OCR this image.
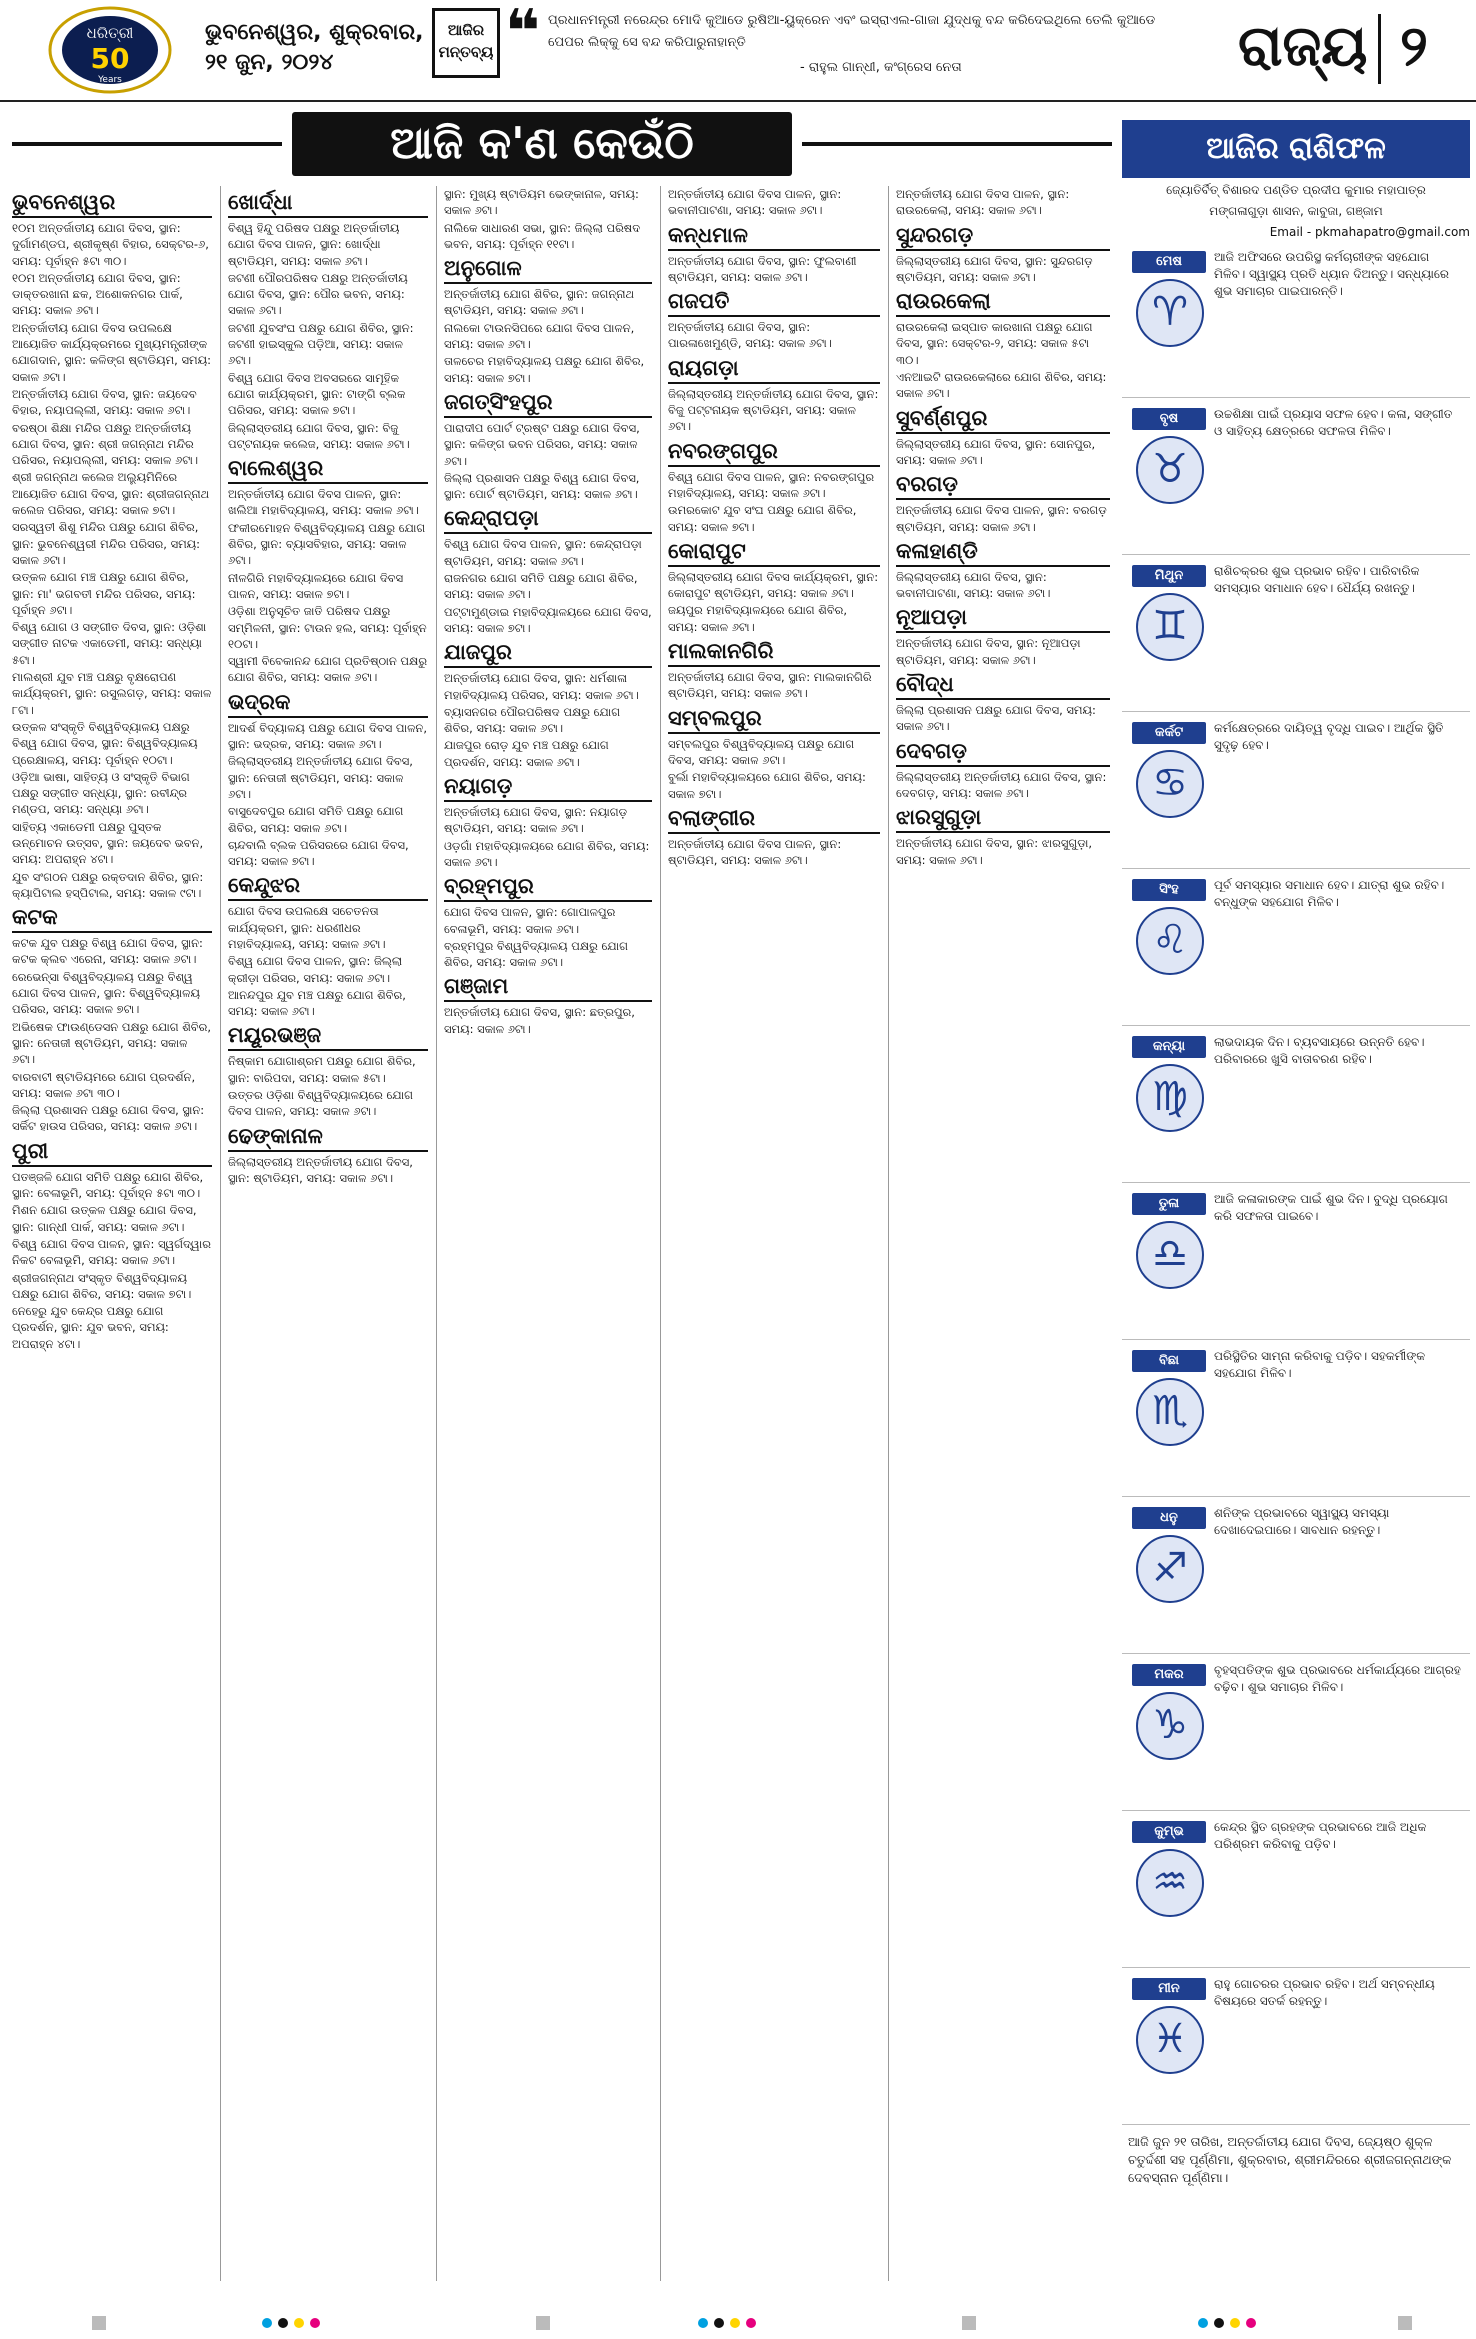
ଧରିତ୍ରୀ
50
Years
ଭୁବନେଶ୍ୱର, ଶୁକ୍ରବାର,
୨୧ ଜୁନ, ୨୦୨୪
ଆଜିର ମନ୍ତବ୍ୟ ❝ ପ୍ରଧାନମନ୍ତ୍ରୀ ନରେନ୍ଦ୍ର ମୋଦି କୁଆଡେ ରୁଷିଆ-ୟୁକ୍ରେନ ଏବଂ ଇସ୍ରାଏଲ-ଗାଜା ଯୁଦ୍ଧକୁ ବନ୍ଦ କରିଦେଇଥିଲେ ତେଲି କୁଆଡେ ପେପର ଲିକ୍‌କୁ ସେ ବନ୍ଦ କରିପାରୁନାହାନ୍ତି
- ରାହୁଲ ଗାନ୍ଧୀ, କଂଗ୍ରେସ ନେତା	ରାଜ୍ୟ ୨
ଆଜି କ'ଣ କେଉଁଠି
ଭୁବନେଶ୍ୱର
୧୦ମ ଅନ୍ତର୍ଜାତୀୟ ଯୋଗ ଦିବସ, ସ୍ଥାନ: ଦୁର୍ଗାମଣ୍ଡପ, ଶ୍ରୀକୃଷ୍ଣ ବିହାର, ସେକ୍ଟର-୬, ସମୟ: ପୂର୍ବାହ୍ନ ୫ଟା ୩୦।
୧୦ମ ଅନ୍ତର୍ଜାତୀୟ ଯୋଗ ଦିବସ, ସ୍ଥାନ: ଡାକ୍ତରଖାନା ଛକ, ଅଶୋକନଗର ପାର୍କ, ସମୟ: ସକାଳ ୬ଟା।
ଅନ୍ତର୍ଜାତୀୟ ଯୋଗ ଦିବସ ଉପଲକ୍ଷେ ଆୟୋଜିତ କାର୍ଯ୍ୟକ୍ରମରେ ମୁଖ୍ୟମନ୍ତ୍ରୀଙ୍କ ଯୋଗଦାନ, ସ୍ଥାନ: କଳିଙ୍ଗ ଷ୍ଟାଡିୟମ, ସମୟ: ସକାଳ ୬ଟା।
ଅନ୍ତର୍ଜାତୀୟ ଯୋଗ ଦିବସ, ସ୍ଥାନ: ଜୟଦେବ ବିହାର, ନୟାପଲ୍ଲୀ, ସମୟ: ସକାଳ ୬ଟା।
ବରଷ୍ଠା ଶିକ୍ଷା ମନ୍ଦିର ପକ୍ଷରୁ ଅନ୍ତର୍ଜାତୀୟ ଯୋଗ ଦିବସ, ସ୍ଥାନ: ଶ୍ରୀ ଜଗନ୍ନାଥ ମନ୍ଦିର ପରିସର, ନୟାପଲ୍ଲୀ, ସମୟ: ସକାଳ ୬ଟା।
ଶ୍ରୀ ଜଗନ୍ନାଥ କଲେଜ ଅଲ୍ୟୁମିନିରେ ଆୟୋଜିତ ଯୋଗ ଦିବସ, ସ୍ଥାନ: ଶ୍ରୀଜଗନ୍ନାଥ କଲେଜ ପରିସର, ସମୟ: ସକାଳ ୭ଟା।
ସରସ୍ୱତୀ ଶିଶୁ ମନ୍ଦିର ପକ୍ଷରୁ ଯୋଗ ଶିବିର, ସ୍ଥାନ: ଭୁବନେଶ୍ୱରୀ ମନ୍ଦିର ପରିସର, ସମୟ: ସକାଳ ୬ଟା।
ଉତ୍କଳ ଯୋଗ ମଞ୍ଚ ପକ୍ଷରୁ ଯୋଗ ଶିବିର, ସ୍ଥାନ: ମା' ଭଗବତୀ ମନ୍ଦିର ପରିସର, ସମୟ: ପୂର୍ବାହ୍ନ ୬ଟା।
ବିଶ୍ୱ ଯୋଗ ଓ ସଙ୍ଗୀତ ଦିବସ, ସ୍ଥାନ: ଓଡ଼ିଶା ସଙ୍ଗୀତ ନାଟକ ଏକାଡେମୀ, ସମୟ: ସନ୍ଧ୍ୟା ୫ଟା।
ମାଲଶ୍ରୀ ଯୁବ ମଞ୍ଚ ପକ୍ଷରୁ ବୃକ୍ଷରୋପଣ କାର୍ଯ୍ୟକ୍ରମ, ସ୍ଥାନ: ରସୁଲଗଡ଼, ସମୟ: ସକାଳ ୮ଟା।
ଉତ୍କଳ ସଂସ୍କୃତି ବିଶ୍ୱବିଦ୍ୟାଳୟ ପକ୍ଷରୁ ବିଶ୍ୱ ଯୋଗ ଦିବସ, ସ୍ଥାନ: ବିଶ୍ୱବିଦ୍ୟାଳୟ ପ୍ରେକ୍ଷାଳୟ, ସମୟ: ପୂର୍ବାହ୍ନ ୧୦ଟା।
ଓଡ଼ିଆ ଭାଷା, ସାହିତ୍ୟ ଓ ସଂସ୍କୃତି ବିଭାଗ ପକ୍ଷରୁ ସଙ୍ଗୀତ ସନ୍ଧ୍ୟା, ସ୍ଥାନ: ରବୀନ୍ଦ୍ର ମଣ୍ଡପ, ସମୟ: ସନ୍ଧ୍ୟା ୬ଟା।
ସାହିତ୍ୟ ଏକାଡେମୀ ପକ୍ଷରୁ ପୁସ୍ତକ ଉନ୍ମୋଚନ ଉତ୍ସବ, ସ୍ଥାନ: ଜୟଦେବ ଭବନ, ସମୟ: ଅପରାହ୍ନ ୪ଟା।
ଯୁବ ସଂଗଠନ ପକ୍ଷରୁ ରକ୍ତଦାନ ଶିବିର, ସ୍ଥାନ: କ୍ୟାପିଟାଲ ହସ୍ପିଟାଲ, ସମୟ: ସକାଳ ୯ଟା।
କଟକ
କଟକ ଯୁବ ପକ୍ଷରୁ ବିଶ୍ୱ ଯୋଗ ଦିବସ, ସ୍ଥାନ: କଟକ କ୍ଲବ ଏରେନା, ସମୟ: ସକାଳ ୬ଟା।
ରେଭେନ୍ସା ବିଶ୍ୱବିଦ୍ୟାଳୟ ପକ୍ଷରୁ ବିଶ୍ୱ ଯୋଗ ଦିବସ ପାଳନ, ସ୍ଥାନ: ବିଶ୍ୱବିଦ୍ୟାଳୟ ପରିସର, ସମୟ: ସକାଳ ୭ଟା।
ଅଭିଷେକ ଫାଉଣ୍ଡେସନ ପକ୍ଷରୁ ଯୋଗ ଶିବିର, ସ୍ଥାନ: ନେତାଜୀ ଷ୍ଟାଡିୟମ, ସମୟ: ସକାଳ ୬ଟା।
ବାରବାଟୀ ଷ୍ଟାଡିୟମରେ ଯୋଗ ପ୍ରଦର୍ଶନ, ସମୟ: ସକାଳ ୬ଟା ୩୦।
ଜିଲ୍ଲା ପ୍ରଶାସନ ପକ୍ଷରୁ ଯୋଗ ଦିବସ, ସ୍ଥାନ: ସର୍କିଟ ହାଉସ ପରିସର, ସମୟ: ସକାଳ ୬ଟା।
ପୁରୀ
ପତଞ୍ଜଳି ଯୋଗ ସମିତି ପକ୍ଷରୁ ଯୋଗ ଶିବିର, ସ୍ଥାନ: ବେଳାଭୂମି, ସମୟ: ପୂର୍ବାହ୍ନ ୫ଟା ୩୦।
ମିଶନ ଯୋଗ ଉତ୍କଳ ପକ୍ଷରୁ ଯୋଗ ଦିବସ, ସ୍ଥାନ: ଗାନ୍ଧୀ ପାର୍କ, ସମୟ: ସକାଳ ୬ଟା।
ବିଶ୍ୱ ଯୋଗ ଦିବସ ପାଳନ, ସ୍ଥାନ: ସ୍ୱର୍ଗଦ୍ୱାର ନିକଟ ବେଳାଭୂମି, ସମୟ: ସକାଳ ୬ଟା।
ଶ୍ରୀଜଗନ୍ନାଥ ସଂସ୍କୃତ ବିଶ୍ୱବିଦ୍ୟାଳୟ ପକ୍ଷରୁ ଯୋଗ ଶିବିର, ସମୟ: ସକାଳ ୭ଟା।
ନେହେରୁ ଯୁବ କେନ୍ଦ୍ର ପକ୍ଷରୁ ଯୋଗ ପ୍ରଦର୍ଶନ, ସ୍ଥାନ: ଯୁବ ଭବନ, ସମୟ: ଅପରାହ୍ନ ୪ଟା।
ଖୋର୍ଦ୍ଧା
ବିଶ୍ୱ ହିନ୍ଦୁ ପରିଷଦ ପକ୍ଷରୁ ଅନ୍ତର୍ଜାତୀୟ ଯୋଗ ଦିବସ ପାଳନ, ସ୍ଥାନ: ଖୋର୍ଦ୍ଧା ଷ୍ଟାଡିୟମ, ସମୟ: ସକାଳ ୬ଟା।
ଜଟଣୀ ପୌରପରିଷଦ ପକ୍ଷରୁ ଅନ୍ତର୍ଜାତୀୟ ଯୋଗ ଦିବସ, ସ୍ଥାନ: ପୌର ଭବନ, ସମୟ: ସକାଳ ୬ଟା।
ଜଟଣୀ ଯୁବସଂଘ ପକ୍ଷରୁ ଯୋଗ ଶିବିର, ସ୍ଥାନ: ଜଟଣୀ ହାଇସ୍କୁଲ ପଡ଼ିଆ, ସମୟ: ସକାଳ ୬ଟା।
ବିଶ୍ୱ ଯୋଗ ଦିବସ ଅବସରରେ ସାମୂହିକ ଯୋଗ କାର୍ଯ୍ୟକ୍ରମ, ସ୍ଥାନ: ଟାଙ୍ଗି ବ୍ଲକ ପରିସର, ସମୟ: ସକାଳ ୭ଟା।
ଜିଲ୍ଲାସ୍ତରୀୟ ଯୋଗ ଦିବସ, ସ୍ଥାନ: ବିଜୁ ପଟ୍ଟନାୟକ କଲେଜ, ସମୟ: ସକାଳ ୬ଟା।
ବାଲେଶ୍ୱର
ଅନ୍ତର୍ଜାତୀୟ ଯୋଗ ଦିବସ ପାଳନ, ସ୍ଥାନ: ଖଲିଆ ମହାବିଦ୍ୟାଳୟ, ସମୟ: ସକାଳ ୬ଟା।
ଫକୀରମୋହନ ବିଶ୍ୱବିଦ୍ୟାଳୟ ପକ୍ଷରୁ ଯୋଗ ଶିବିର, ସ୍ଥାନ: ବ୍ୟାସବିହାର, ସମୟ: ସକାଳ ୬ଟା।
ନୀଳଗିରି ମହାବିଦ୍ୟାଳୟରେ ଯୋଗ ଦିବସ ପାଳନ, ସମୟ: ସକାଳ ୭ଟା।
ଓଡ଼ିଶା ଅନୁସୂଚିତ ଜାତି ପରିଷଦ ପକ୍ଷରୁ ସମ୍ମିଳନୀ, ସ୍ଥାନ: ଟାଉନ ହଲ, ସମୟ: ପୂର୍ବାହ୍ନ ୧୦ଟା।
ସ୍ୱାମୀ ବିବେକାନନ୍ଦ ଯୋଗ ପ୍ରତିଷ୍ଠାନ ପକ୍ଷରୁ ଯୋଗ ଶିବିର, ସମୟ: ସକାଳ ୬ଟା।
ଭଦ୍ରକ
ଆଦର୍ଶ ବିଦ୍ୟାଳୟ ପକ୍ଷରୁ ଯୋଗ ଦିବସ ପାଳନ, ସ୍ଥାନ: ଭଦ୍ରକ, ସମୟ: ସକାଳ ୬ଟା।
ଜିଲ୍ଲାସ୍ତରୀୟ ଅନ୍ତର୍ଜାତୀୟ ଯୋଗ ଦିବସ, ସ୍ଥାନ: ନେତାଜୀ ଷ୍ଟାଡିୟମ, ସମୟ: ସକାଳ ୬ଟା।
ବାସୁଦେବପୁର ଯୋଗ ସମିତି ପକ୍ଷରୁ ଯୋଗ ଶିବିର, ସମୟ: ସକାଳ ୬ଟା।
ଚାନ୍ଦବାଲି ବ୍ଲକ ପରିସରରେ ଯୋଗ ଦିବସ, ସମୟ: ସକାଳ ୭ଟା।
କେନ୍ଦୁଝର
ଯୋଗ ଦିବସ ଉପଲକ୍ଷେ ସଚେତନତା କାର୍ଯ୍ୟକ୍ରମ, ସ୍ଥାନ: ଧରଣୀଧର ମହାବିଦ୍ୟାଳୟ, ସମୟ: ସକାଳ ୬ଟା।
ବିଶ୍ୱ ଯୋଗ ଦିବସ ପାଳନ, ସ୍ଥାନ: ଜିଲ୍ଲା କ୍ରୀଡ଼ା ପରିସର, ସମୟ: ସକାଳ ୬ଟା।
ଆନନ୍ଦପୁର ଯୁବ ମଞ୍ଚ ପକ୍ଷରୁ ଯୋଗ ଶିବିର, ସମୟ: ସକାଳ ୬ଟା।
ମୟୂରଭଞ୍ଜ
ନିଷ୍କାମ ଯୋଗାଶ୍ରମ ପକ୍ଷରୁ ଯୋଗ ଶିବିର, ସ୍ଥାନ: ବାରିପଦା, ସମୟ: ସକାଳ ୫ଟା।
ଉତ୍ତର ଓଡ଼ିଶା ବିଶ୍ୱବିଦ୍ୟାଳୟରେ ଯୋଗ ଦିବସ ପାଳନ, ସମୟ: ସକାଳ ୬ଟା।
ଢେଙ୍କାନାଳ
ଜିଲ୍ଲାସ୍ତରୀୟ ଅନ୍ତର୍ଜାତୀୟ ଯୋଗ ଦିବସ, ସ୍ଥାନ: ଷ୍ଟାଡିୟମ, ସମୟ: ସକାଳ ୬ଟା।
ସ୍ଥାନ: ମୁଖ୍ୟ ଷ୍ଟାଡିୟମ ଭେଙ୍କାନାଳ, ସମୟ: ସକାଳ ୬ଟା।
ନାଲିକେ ସାଧାରଣ ସଭା, ସ୍ଥାନ: ଜିଲ୍ଲା ପରିଷଦ ଭବନ, ସମୟ: ପୂର୍ବାହ୍ନ ୧୧ଟା।
ଅନୁଗୋଳ
ଅନ୍ତର୍ଜାତୀୟ ଯୋଗ ଶିବିର, ସ୍ଥାନ: ଜଗନ୍ନାଥ ଷ୍ଟାଡିୟମ, ସମୟ: ସକାଳ ୬ଟା।
ନାଲକୋ ଟାଉନସିପରେ ଯୋଗ ଦିବସ ପାଳନ, ସମୟ: ସକାଳ ୬ଟା।
ତାଳଚେର ମହାବିଦ୍ୟାଳୟ ପକ୍ଷରୁ ଯୋଗ ଶିବିର, ସମୟ: ସକାଳ ୭ଟା।
ଜଗତ୍‌ସିଂହପୁର
ପାରାଦୀପ ପୋର୍ଟ ଟ୍ରଷ୍ଟ ପକ୍ଷରୁ ଯୋଗ ଦିବସ, ସ୍ଥାନ: କଳିଙ୍ଗ ଭବନ ପରିସର, ସମୟ: ସକାଳ ୬ଟା।
ଜିଲ୍ଲା ପ୍ରଶାସନ ପକ୍ଷରୁ ବିଶ୍ୱ ଯୋଗ ଦିବସ, ସ୍ଥାନ: ପୋର୍ଟ ଷ୍ଟାଡିୟମ, ସମୟ: ସକାଳ ୬ଟା।
କେନ୍ଦ୍ରାପଡ଼ା
ବିଶ୍ୱ ଯୋଗ ଦିବସ ପାଳନ, ସ୍ଥାନ: କେନ୍ଦ୍ରାପଡ଼ା ଷ୍ଟାଡିୟମ, ସମୟ: ସକାଳ ୬ଟା।
ରାଜନଗର ଯୋଗ ସମିତି ପକ୍ଷରୁ ଯୋଗ ଶିବିର, ସମୟ: ସକାଳ ୬ଟା।
ପଟ୍ଟାମୁଣ୍ଡାଇ ମହାବିଦ୍ୟାଳୟରେ ଯୋଗ ଦିବସ, ସମୟ: ସକାଳ ୭ଟା।
ଯାଜପୁର
ଅନ୍ତର୍ଜାତୀୟ ଯୋଗ ଦିବସ, ସ୍ଥାନ: ଧର୍ମଶାଳା ମହାବିଦ୍ୟାଳୟ ପରିସର, ସମୟ: ସକାଳ ୬ଟା।
ବ୍ୟାସନଗର ପୌରପରିଷଦ ପକ୍ଷରୁ ଯୋଗ ଶିବିର, ସମୟ: ସକାଳ ୬ଟା।
ଯାଜପୁର ରୋଡ଼ ଯୁବ ମଞ୍ଚ ପକ୍ଷରୁ ଯୋଗ ପ୍ରଦର୍ଶନ, ସମୟ: ସକାଳ ୬ଟା।
ନୟାଗଡ଼
ଅନ୍ତର୍ଜାତୀୟ ଯୋଗ ଦିବସ, ସ୍ଥାନ: ନୟାଗଡ଼ ଷ୍ଟାଡିୟମ, ସମୟ: ସକାଳ ୬ଟା।
ଓଡ଼ଗାଁ ମହାବିଦ୍ୟାଳୟରେ ଯୋଗ ଶିବିର, ସମୟ: ସକାଳ ୬ଟା।
ବ୍ରହ୍ମପୁର
ଯୋଗ ଦିବସ ପାଳନ, ସ୍ଥାନ: ଗୋପାଳପୁର ବେଳାଭୂମି, ସମୟ: ସକାଳ ୬ଟା।
ବ୍ରହ୍ମପୁର ବିଶ୍ୱବିଦ୍ୟାଳୟ ପକ୍ଷରୁ ଯୋଗ ଶିବିର, ସମୟ: ସକାଳ ୬ଟା।
ଗଞ୍ଜାମ
ଅନ୍ତର୍ଜାତୀୟ ଯୋଗ ଦିବସ, ସ୍ଥାନ: ଛତ୍ରପୁର, ସମୟ: ସକାଳ ୬ଟା।
ଅନ୍ତର୍ଜାତୀୟ ଯୋଗ ଦିବସ ପାଳନ, ସ୍ଥାନ: ଭବାନୀପାଟଣା, ସମୟ: ସକାଳ ୬ଟା।
କନ୍ଧମାଳ
ଅନ୍ତର୍ଜାତୀୟ ଯୋଗ ଦିବସ, ସ୍ଥାନ: ଫୁଲବାଣୀ ଷ୍ଟାଡିୟମ, ସମୟ: ସକାଳ ୬ଟା।
ଗଜପତି
ଅନ୍ତର୍ଜାତୀୟ ଯୋଗ ଦିବସ, ସ୍ଥାନ: ପାରଳାଖେମୁଣ୍ଡି, ସମୟ: ସକାଳ ୬ଟା।
ରାୟଗଡ଼ା
ଜିଲ୍ଲାସ୍ତରୀୟ ଅନ୍ତର୍ଜାତୀୟ ଯୋଗ ଦିବସ, ସ୍ଥାନ: ବିଜୁ ପଟ୍ଟନାୟକ ଷ୍ଟାଡିୟମ, ସମୟ: ସକାଳ ୬ଟା।
ନବରଙ୍ଗପୁର
ବିଶ୍ୱ ଯୋଗ ଦିବସ ପାଳନ, ସ୍ଥାନ: ନବରଙ୍ଗପୁର ମହାବିଦ୍ୟାଳୟ, ସମୟ: ସକାଳ ୬ଟା।
ଉମରକୋଟ ଯୁବ ସଂଘ ପକ୍ଷରୁ ଯୋଗ ଶିବିର, ସମୟ: ସକାଳ ୭ଟା।
କୋରାପୁଟ
ଜିଲ୍ଲାସ୍ତରୀୟ ଯୋଗ ଦିବସ କାର୍ଯ୍ୟକ୍ରମ, ସ୍ଥାନ: କୋରାପୁଟ ଷ୍ଟାଡିୟମ, ସମୟ: ସକାଳ ୬ଟା।
ଜୟପୁର ମହାବିଦ୍ୟାଳୟରେ ଯୋଗ ଶିବିର, ସମୟ: ସକାଳ ୬ଟା।
ମାଲକାନଗିରି
ଅନ୍ତର୍ଜାତୀୟ ଯୋଗ ଦିବସ, ସ୍ଥାନ: ମାଲକାନଗିରି ଷ୍ଟାଡିୟମ, ସମୟ: ସକାଳ ୬ଟା।
ସମ୍ବଲପୁର
ସମ୍ବଲପୁର ବିଶ୍ୱବିଦ୍ୟାଳୟ ପକ୍ଷରୁ ଯୋଗ ଦିବସ, ସମୟ: ସକାଳ ୬ଟା।
ବୁର୍ଲା ମହାବିଦ୍ୟାଳୟରେ ଯୋଗ ଶିବିର, ସମୟ: ସକାଳ ୭ଟା।
ବଲାଙ୍ଗୀର
ଅନ୍ତର୍ଜାତୀୟ ଯୋଗ ଦିବସ ପାଳନ, ସ୍ଥାନ: ଷ୍ଟାଡିୟମ, ସମୟ: ସକାଳ ୬ଟା।
ଅନ୍ତର୍ଜାତୀୟ ଯୋଗ ଦିବସ ପାଳନ, ସ୍ଥାନ: ରାଉରକେଲା, ସମୟ: ସକାଳ ୬ଟା।
ସୁନ୍ଦରଗଡ଼
ଜିଲ୍ଲାସ୍ତରୀୟ ଯୋଗ ଦିବସ, ସ୍ଥାନ: ସୁନ୍ଦରଗଡ଼ ଷ୍ଟାଡିୟମ, ସମୟ: ସକାଳ ୬ଟା।
ରାଉରକେଲା
ରାଉରକେଲା ଇସ୍ପାତ କାରଖାନା ପକ୍ଷରୁ ଯୋଗ ଦିବସ, ସ୍ଥାନ: ସେକ୍ଟର-୨, ସମୟ: ସକାଳ ୫ଟା ୩୦।
ଏନଆଇଟି ରାଉରକେଲାରେ ଯୋଗ ଶିବିର, ସମୟ: ସକାଳ ୬ଟା।
ସୁବର୍ଣ୍ଣପୁର
ଜିଲ୍ଲାସ୍ତରୀୟ ଯୋଗ ଦିବସ, ସ୍ଥାନ: ସୋନପୁର, ସମୟ: ସକାଳ ୬ଟା।
ବରଗଡ଼
ଅନ୍ତର୍ଜାତୀୟ ଯୋଗ ଦିବସ ପାଳନ, ସ୍ଥାନ: ବରଗଡ଼ ଷ୍ଟାଡିୟମ, ସମୟ: ସକାଳ ୬ଟା।
କଳାହାଣ୍ଡି
ଜିଲ୍ଲାସ୍ତରୀୟ ଯୋଗ ଦିବସ, ସ୍ଥାନ: ଭବାନୀପାଟଣା, ସମୟ: ସକାଳ ୬ଟା।
ନୂଆପଡ଼ା
ଅନ୍ତର୍ଜାତୀୟ ଯୋଗ ଦିବସ, ସ୍ଥାନ: ନୂଆପଡ଼ା ଷ୍ଟାଡିୟମ, ସମୟ: ସକାଳ ୬ଟା।
ବୌଦ୍ଧ
ଜିଲ୍ଲା ପ୍ରଶାସନ ପକ୍ଷରୁ ଯୋଗ ଦିବସ, ସମୟ: ସକାଳ ୬ଟା।
ଦେବଗଡ଼
ଜିଲ୍ଲାସ୍ତରୀୟ ଅନ୍ତର୍ଜାତୀୟ ଯୋଗ ଦିବସ, ସ୍ଥାନ: ଦେବଗଡ଼, ସମୟ: ସକାଳ ୬ଟା।
ଝାରସୁଗୁଡ଼ା
ଅନ୍ତର୍ଜାତୀୟ ଯୋଗ ଦିବସ, ସ୍ଥାନ: ଝାରସୁଗୁଡ଼ା, ସମୟ: ସକାଳ ୬ଟା।
ଆଜିର ରାଶିଫଳ
ଜ୍ୟୋତିର୍ବିତ୍‌ ବିଶାରଦ ପଣ୍ଡିତ ପ୍ରଦୀପ କୁମାର ମହାପାତ୍ର
ମଙ୍ଗଳାଗୁଡ଼ା ଶାସନ, କାବୁଜା, ଗଞ୍ଜାମ
Email - pkmahapatro@gmail.com
ମେଷ
♈
ଆଜି ଅଫିସରେ ଉପରିସ୍ଥ କର୍ମଚାରୀଙ୍କ ସହଯୋଗ ମିଳିବ। ସ୍ୱାସ୍ଥ୍ୟ ପ୍ରତି ଧ୍ୟାନ ଦିଅନ୍ତୁ। ସନ୍ଧ୍ୟାରେ ଶୁଭ ସମାଚାର ପାଇପାରନ୍ତି।
ବୃଷ
♉
ଉଚ୍ଚଶିକ୍ଷା ପାଇଁ ପ୍ରୟାସ ସଫଳ ହେବ। କଳା, ସଙ୍ଗୀତ ଓ ସାହିତ୍ୟ କ୍ଷେତ୍ରରେ ସଫଳତା ମିଳିବ।
ମିଥୁନ
♊
ରାଶିଚକ୍ରର ଶୁଭ ପ୍ରଭାବ ରହିବ। ପାରିବାରିକ ସମସ୍ୟାର ସମାଧାନ ହେବ। ଧୈର୍ଯ୍ୟ ରଖନ୍ତୁ।
କର୍କଟ
♋
କର୍ମକ୍ଷେତ୍ରରେ ଦାୟିତ୍ୱ ବୃଦ୍ଧି ପାଇବ। ଆର୍ଥିକ ସ୍ଥିତି ସୁଦୃଢ଼ ହେବ।
ସିଂହ
♌
ପୂର୍ବ ସମସ୍ୟାର ସମାଧାନ ହେବ। ଯାତ୍ରା ଶୁଭ ରହିବ। ବନ୍ଧୁଙ୍କ ସହଯୋଗ ମିଳିବ।
କନ୍ୟା
♍
ଲାଭଦାୟକ ଦିନ। ବ୍ୟବସାୟରେ ଉନ୍ନତି ହେବ। ପରିବାରରେ ଖୁସି ବାତାବରଣ ରହିବ।
ତୁଳା
♎
ଆଜି କଳାକାରଙ୍କ ପାଇଁ ଶୁଭ ଦିନ। ବୁଦ୍ଧି ପ୍ରୟୋଗ କରି ସଫଳତା ପାଇବେ।
ବିଛା
♏
ପରିସ୍ଥିତିର ସାମ୍ନା କରିବାକୁ ପଡ଼ିବ। ସହକର୍ମୀଙ୍କ ସହଯୋଗ ମିଳିବ।
ଧନୁ
♐
ଶନିଙ୍କ ପ୍ରଭାବରେ ସ୍ୱାସ୍ଥ୍ୟ ସମସ୍ୟା ଦେଖାଦେଇପାରେ। ସାବଧାନ ରହନ୍ତୁ।
ମକର
♑
ବୃହସ୍ପତିଙ୍କ ଶୁଭ ପ୍ରଭାବରେ ଧର୍ମକାର୍ଯ୍ୟରେ ଆଗ୍ରହ ବଢ଼ିବ। ଶୁଭ ସମାଚାର ମିଳିବ।
କୁମ୍ଭ
♒
କେନ୍ଦ୍ର ସ୍ଥିତ ଗ୍ରହଙ୍କ ପ୍ରଭାବରେ ଆଜି ଅଧିକ ପରିଶ୍ରମ କରିବାକୁ ପଡ଼ିବ।
ମୀନ
♓
ରାହୁ ଗୋଚରର ପ୍ରଭାବ ରହିବ। ଅର୍ଥ ସମ୍ବନ୍ଧୀୟ ବିଷୟରେ ସତର୍କ ରହନ୍ତୁ।
ଆଜି ଜୁନ ୨୧ ତାରିଖ, ଅନ୍ତର୍ଜାତୀୟ ଯୋଗ ଦିବସ, ଜ୍ୟେଷ୍ଠ ଶୁକ୍ଳ ଚତୁର୍ଦ୍ଦଶୀ ସହ ପୂର୍ଣ୍ଣିମା, ଶୁକ୍ରବାର, ଶ୍ରୀମନ୍ଦିରରେ ଶ୍ରୀଜଗନ୍ନାଥଙ୍କ ଦେବସ୍ନାନ ପୂର୍ଣ୍ଣିମା।
